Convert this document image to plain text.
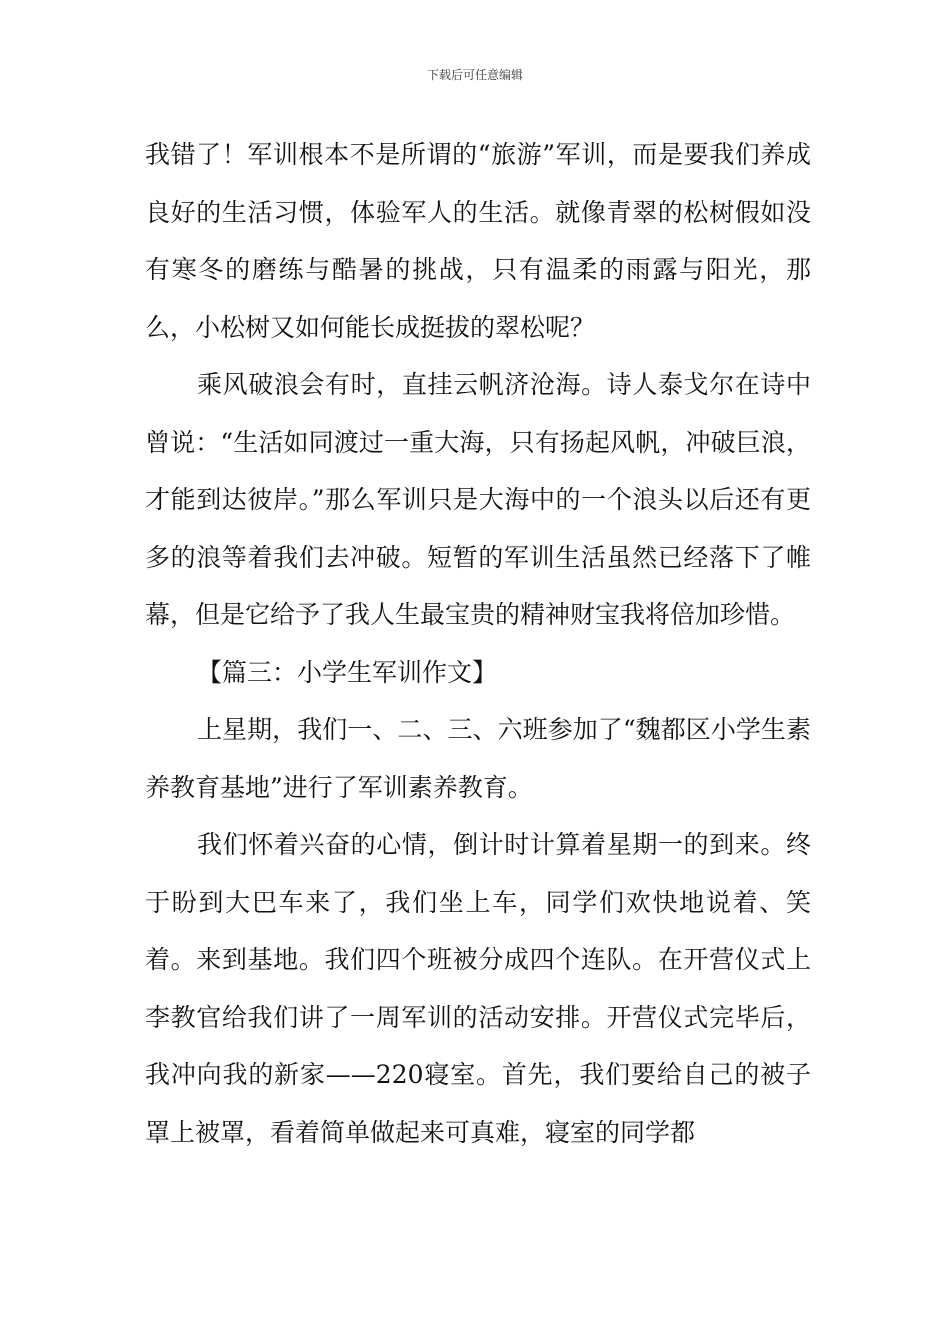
下载后可任意编辑

我错了！军训根本不是所谓的“旅游”军训，而是要我们养成良好的生活习惯，体验军人的生活。就像青翠的松树假如没有寒冬的磨练与酷暑的挑战，只有温柔的雨露与阳光，那么，小松树又如何能长成挺拔的翠松呢？

乘风破浪会有时，直挂云帆济沧海。诗人泰戈尔在诗中曾说：“生活如同渡过一重大海，只有扬起风帆，冲破巨浪，才能到达彼岸。”那么军训只是大海中的一个浪头以后还有更多的浪等着我们去冲破。短暂的军训生活虽然已经落下了帷幕，但是它给予了我人生最宝贵的精神财宝我将倍加珍惜。

【篇三：小学生军训作文】

上星期，我们一、二、三、六班参加了“魏都区小学生素养教育基地”进行了军训素养教育。

我们怀着兴奋的心情，倒计时计算着星期一的到来。终于盼到大巴车来了，我们坐上车，同学们欢快地说着、笑着。来到基地。我们四个班被分成四个连队。在开营仪式上李教官给我们讲了一周军训的活动安排。开营仪式完毕后，我冲向我的新家——220寝室。首先，我们要给自己的被子罩上被罩，看着简单做起来可真难，寝室的同学都
